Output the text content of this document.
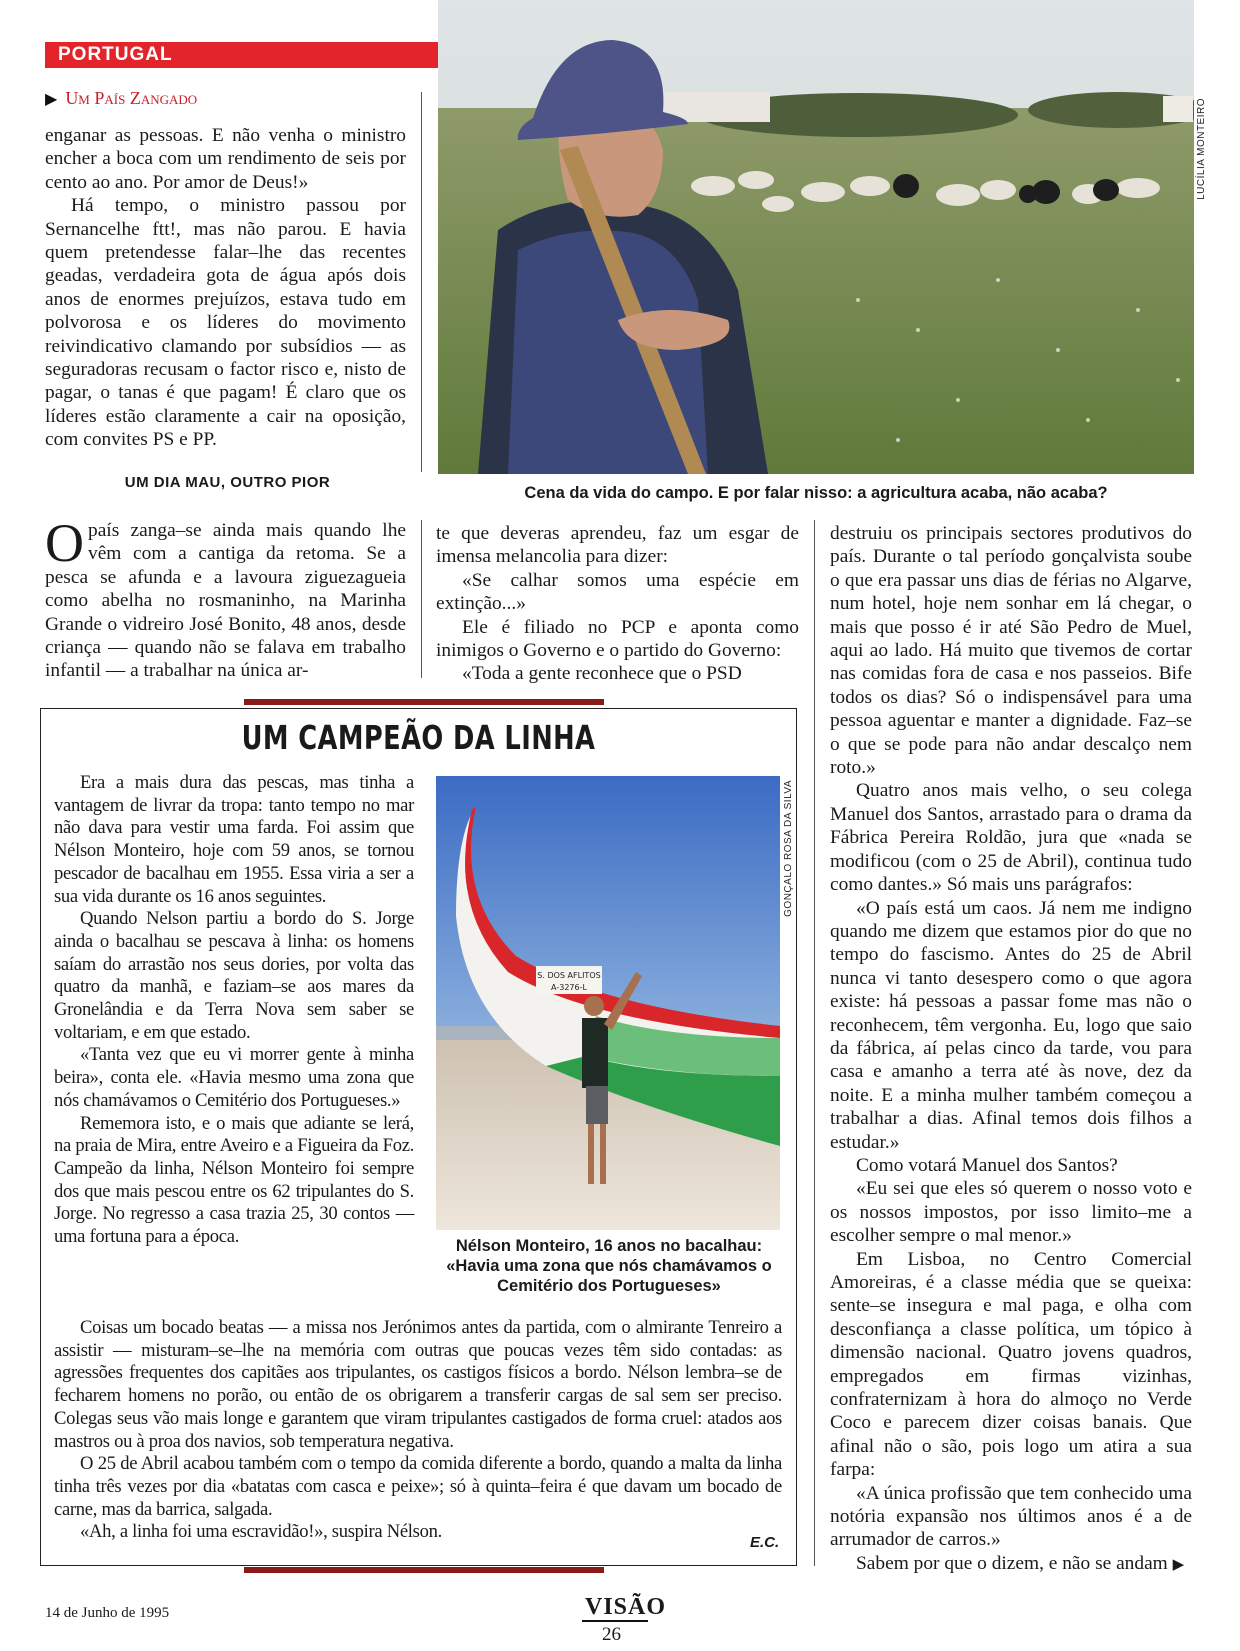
PORTUGAL
▶ Um País Zangado

enganar as pessoas. E não venha o ministro encher a boca com um rendimento de seis por cento ao ano. Por amor de Deus!»

Há tempo, o ministro passou por Sernancelhe ftt!, mas não parou. E havia quem pretendesse falar–lhe das recentes geadas, verdadeira gota de água após dois anos de enormes prejuízos, estava tudo em polvorosa e os líderes do movimento reivindicativo clamando por subsídios — as seguradoras recusam o factor risco e, nisto de pagar, o tanas é que pagam! É claro que os líderes estão claramente a cair na oposição, com convites PS e PP.

UM DIA MAU, OUTRO PIOR

Opaís zanga–se ainda mais quando lhe vêm com a cantiga da retoma. Se a pesca se afunda e a lavoura ziguezagueia como abelha no rosmaninho, na Marinha Grande o vidreiro José Bonito, 48 anos, desde criança — quando não se falava em trabalho infantil — a trabalhar na única ar-

LUCÍLIA MONTEIRO
Cena da vida do campo. E por falar nisso: a agricultura acaba, não acaba?

te que deveras aprendeu, faz um esgar de imensa melancolia para dizer:

«Se calhar somos uma espécie em extinção...»

Ele é filiado no PCP e aponta como inimigos o Governo e o partido do Governo:

«Toda a gente reconhece que o PSD

destruiu os principais sectores produtivos do país. Durante o tal período gonçalvista soube o que era passar uns dias de férias no Algarve, num hotel, hoje nem sonhar em lá chegar, o mais que posso é ir até São Pedro de Muel, aqui ao lado. Há muito que tivemos de cortar nas comidas fora de casa e nos passeios. Bife todos os dias? Só o indispensável para uma pessoa aguentar e manter a dignidade. Faz–se o que se pode para não andar descalço nem roto.»

Quatro anos mais velho, o seu colega Manuel dos Santos, arrastado para o drama da Fábrica Pereira Roldão, jura que «nada se modificou (com o 25 de Abril), continua tudo como dantes.» Só mais uns parágrafos:

«O país está um caos. Já nem me indigno quando me dizem que estamos pior do que no tempo do fascismo. Antes do 25 de Abril nunca vi tanto desespero como o que agora existe: há pessoas a passar fome mas não o reconhecem, têm vergonha. Eu, logo que saio da fábrica, aí pelas cinco da tarde, vou para casa e amanho a terra até às nove, dez da noite. E a minha mulher também começou a trabalhar a dias. Afinal temos dois filhos a estudar.»

Como votará Manuel dos Santos?

«Eu sei que eles só querem o nosso voto e os nossos impostos, por isso limito–me a escolher sempre o mal menor.»

Em Lisboa, no Centro Comercial Amoreiras, é a classe média que se queixa: sente–se insegura e mal paga, e olha com desconfiança a classe política, um tópico à dimensão nacional. Quatro jovens quadros, empregados em firmas vizinhas, confraternizam à hora do almoço no Verde Coco e parecem dizer coisas banais. Que afinal não o são, pois logo um atira a sua farpa:

«A única profissão que tem conhecido uma notória expansão nos últimos anos é a de arrumador de carros.»

Sabem por que o dizem, e não se andam ▶

UM CAMPEÃO DA LINHA

Era a mais dura das pescas, mas tinha a vantagem de livrar da tropa: tanto tempo no mar não dava para vestir uma farda. Foi assim que Nélson Monteiro, hoje com 59 anos, se tornou pescador de bacalhau em 1955. Essa viria a ser a sua vida durante os 16 anos seguintes.

Quando Nelson partiu a bordo do S. Jorge ainda o bacalhau se pescava à linha: os homens saíam do arrastão nos seus dories, por volta das quatro da manhã, e faziam–se aos mares da Gronelândia e da Terra Nova sem saber se voltariam, e em que estado.

«Tanta vez que eu vi morrer gente à minha beira», conta ele. «Havia mesmo uma zona que nós chamávamos o Cemitério dos Portugueses.»

Rememora isto, e o mais que adiante se lerá, na praia de Mira, entre Aveiro e a Figueira da Foz. Campeão da linha, Nélson Monteiro foi sempre dos que mais pescou entre os 62 tripulantes do S. Jorge. No regresso a casa trazia 25, 30 contos — uma fortuna para a época.

S. DOS AFLITOS
A-3276-L
GONÇALO ROSA DA SILVA
Nélson Monteiro, 16 anos no bacalhau:
«Havia uma zona que nós chamávamos o Cemitério dos Portugueses»

Coisas um bocado beatas — a missa nos Jerónimos antes da partida, com o almirante Tenreiro a assistir — misturam–se–lhe na memória com outras que poucas vezes têm sido contadas: as agressões frequentes dos capitães aos tripulantes, os castigos físicos a bordo. Nélson lembra–se de fecharem homens no porão, ou então de os obrigarem a transferir cargas de sal sem ser preciso. Colegas seus vão mais longe e garantem que viram tripulantes castigados de forma cruel: atados aos mastros ou à proa dos navios, sob temperatura negativa.

O 25 de Abril acabou também com o tempo da comida diferente a bordo, quando a malta da linha tinha três vezes por dia «batatas com casca e peixe»; só à quinta–feira é que davam um bocado de carne, mas da barrica, salgada.

«Ah, a linha foi uma escravidão!», suspira Nélson.

E.C.
14 de Junho de 1995	VISÃO
26
